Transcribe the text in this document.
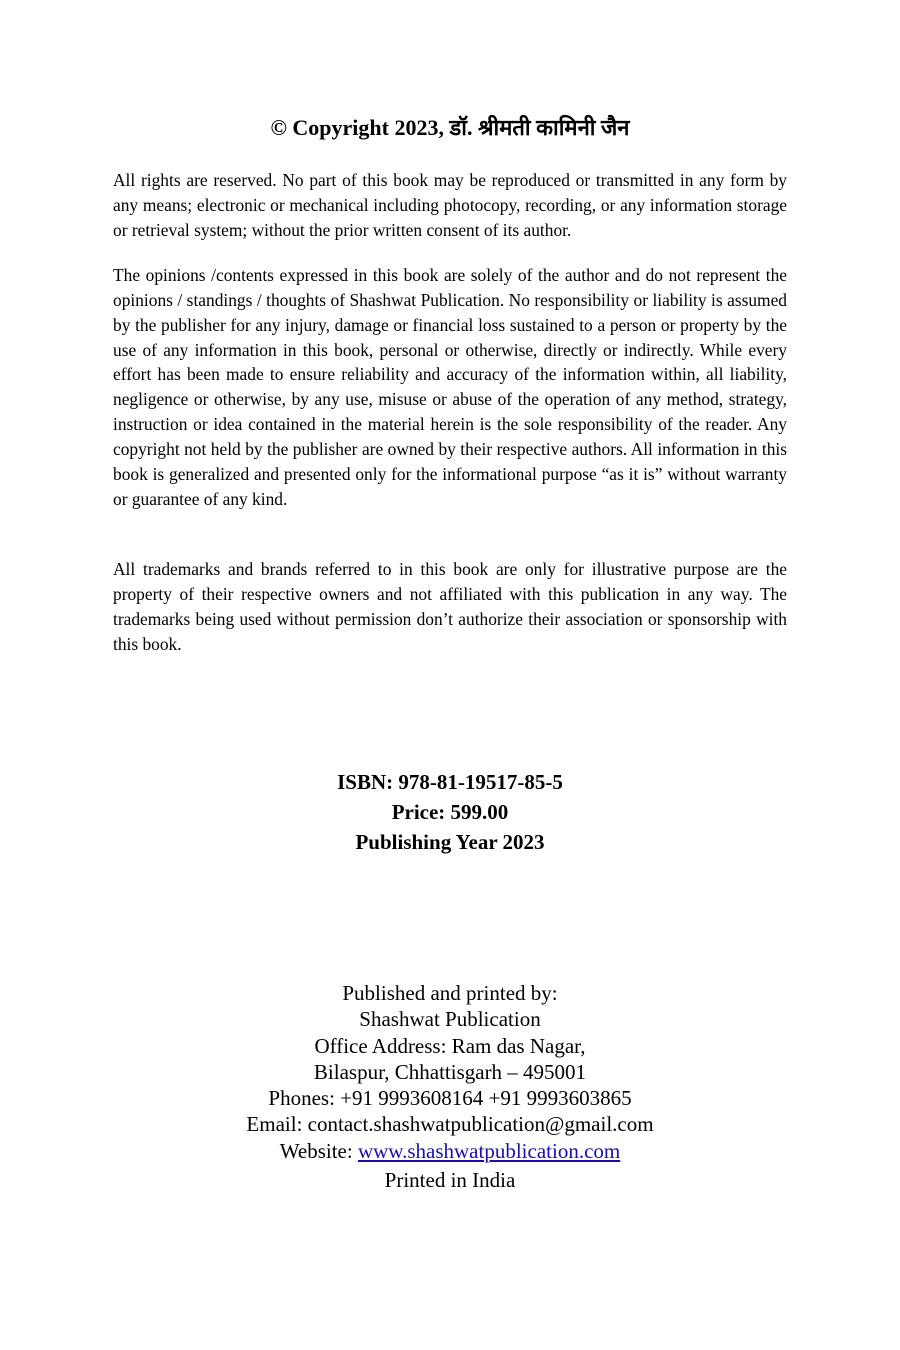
© Copyright 2023, डॉ. श्रीमती कामिनी जैन

All rights are reserved. No part of this book may be reproduced or transmitted in any form by any means; electronic or mechanical including photocopy, recording, or any information storage or retrieval system; without the prior written consent of its author.

The opinions /contents expressed in this book are solely of the author and do not represent the opinions / standings / thoughts of Shashwat Publication. No responsibility or liability is assumed by the publisher for any injury, damage or financial loss sustained to a person or property by the use of any information in this book, personal or otherwise, directly or indirectly. While every effort has been made to ensure reliability and accuracy of the information within, all liability, negligence or otherwise, by any use, misuse or abuse of the operation of any method, strategy, instruction or idea contained in the material herein is the sole responsibility of the reader. Any copyright not held by the publisher are owned by their respective authors. All information in this book is generalized and presented only for the informational purpose “as it is” without warranty or guarantee of any kind.

All trademarks and brands referred to in this book are only for illustrative purpose are the property of their respective owners and not affiliated with this publication in any way. The trademarks being used without permission don’t authorize their association or sponsorship with this book.

ISBN: 978-81-19517-85-5
Price: 599.00
Publishing Year 2023
Published and printed by:
Shashwat Publication
Office Address: Ram das Nagar,
Bilaspur, Chhattisgarh – 495001
Phones: +91 9993608164 +91 9993603865
Email: contact.shashwatpublication@gmail.com
Website: www.shashwatpublication.com
Printed in India
